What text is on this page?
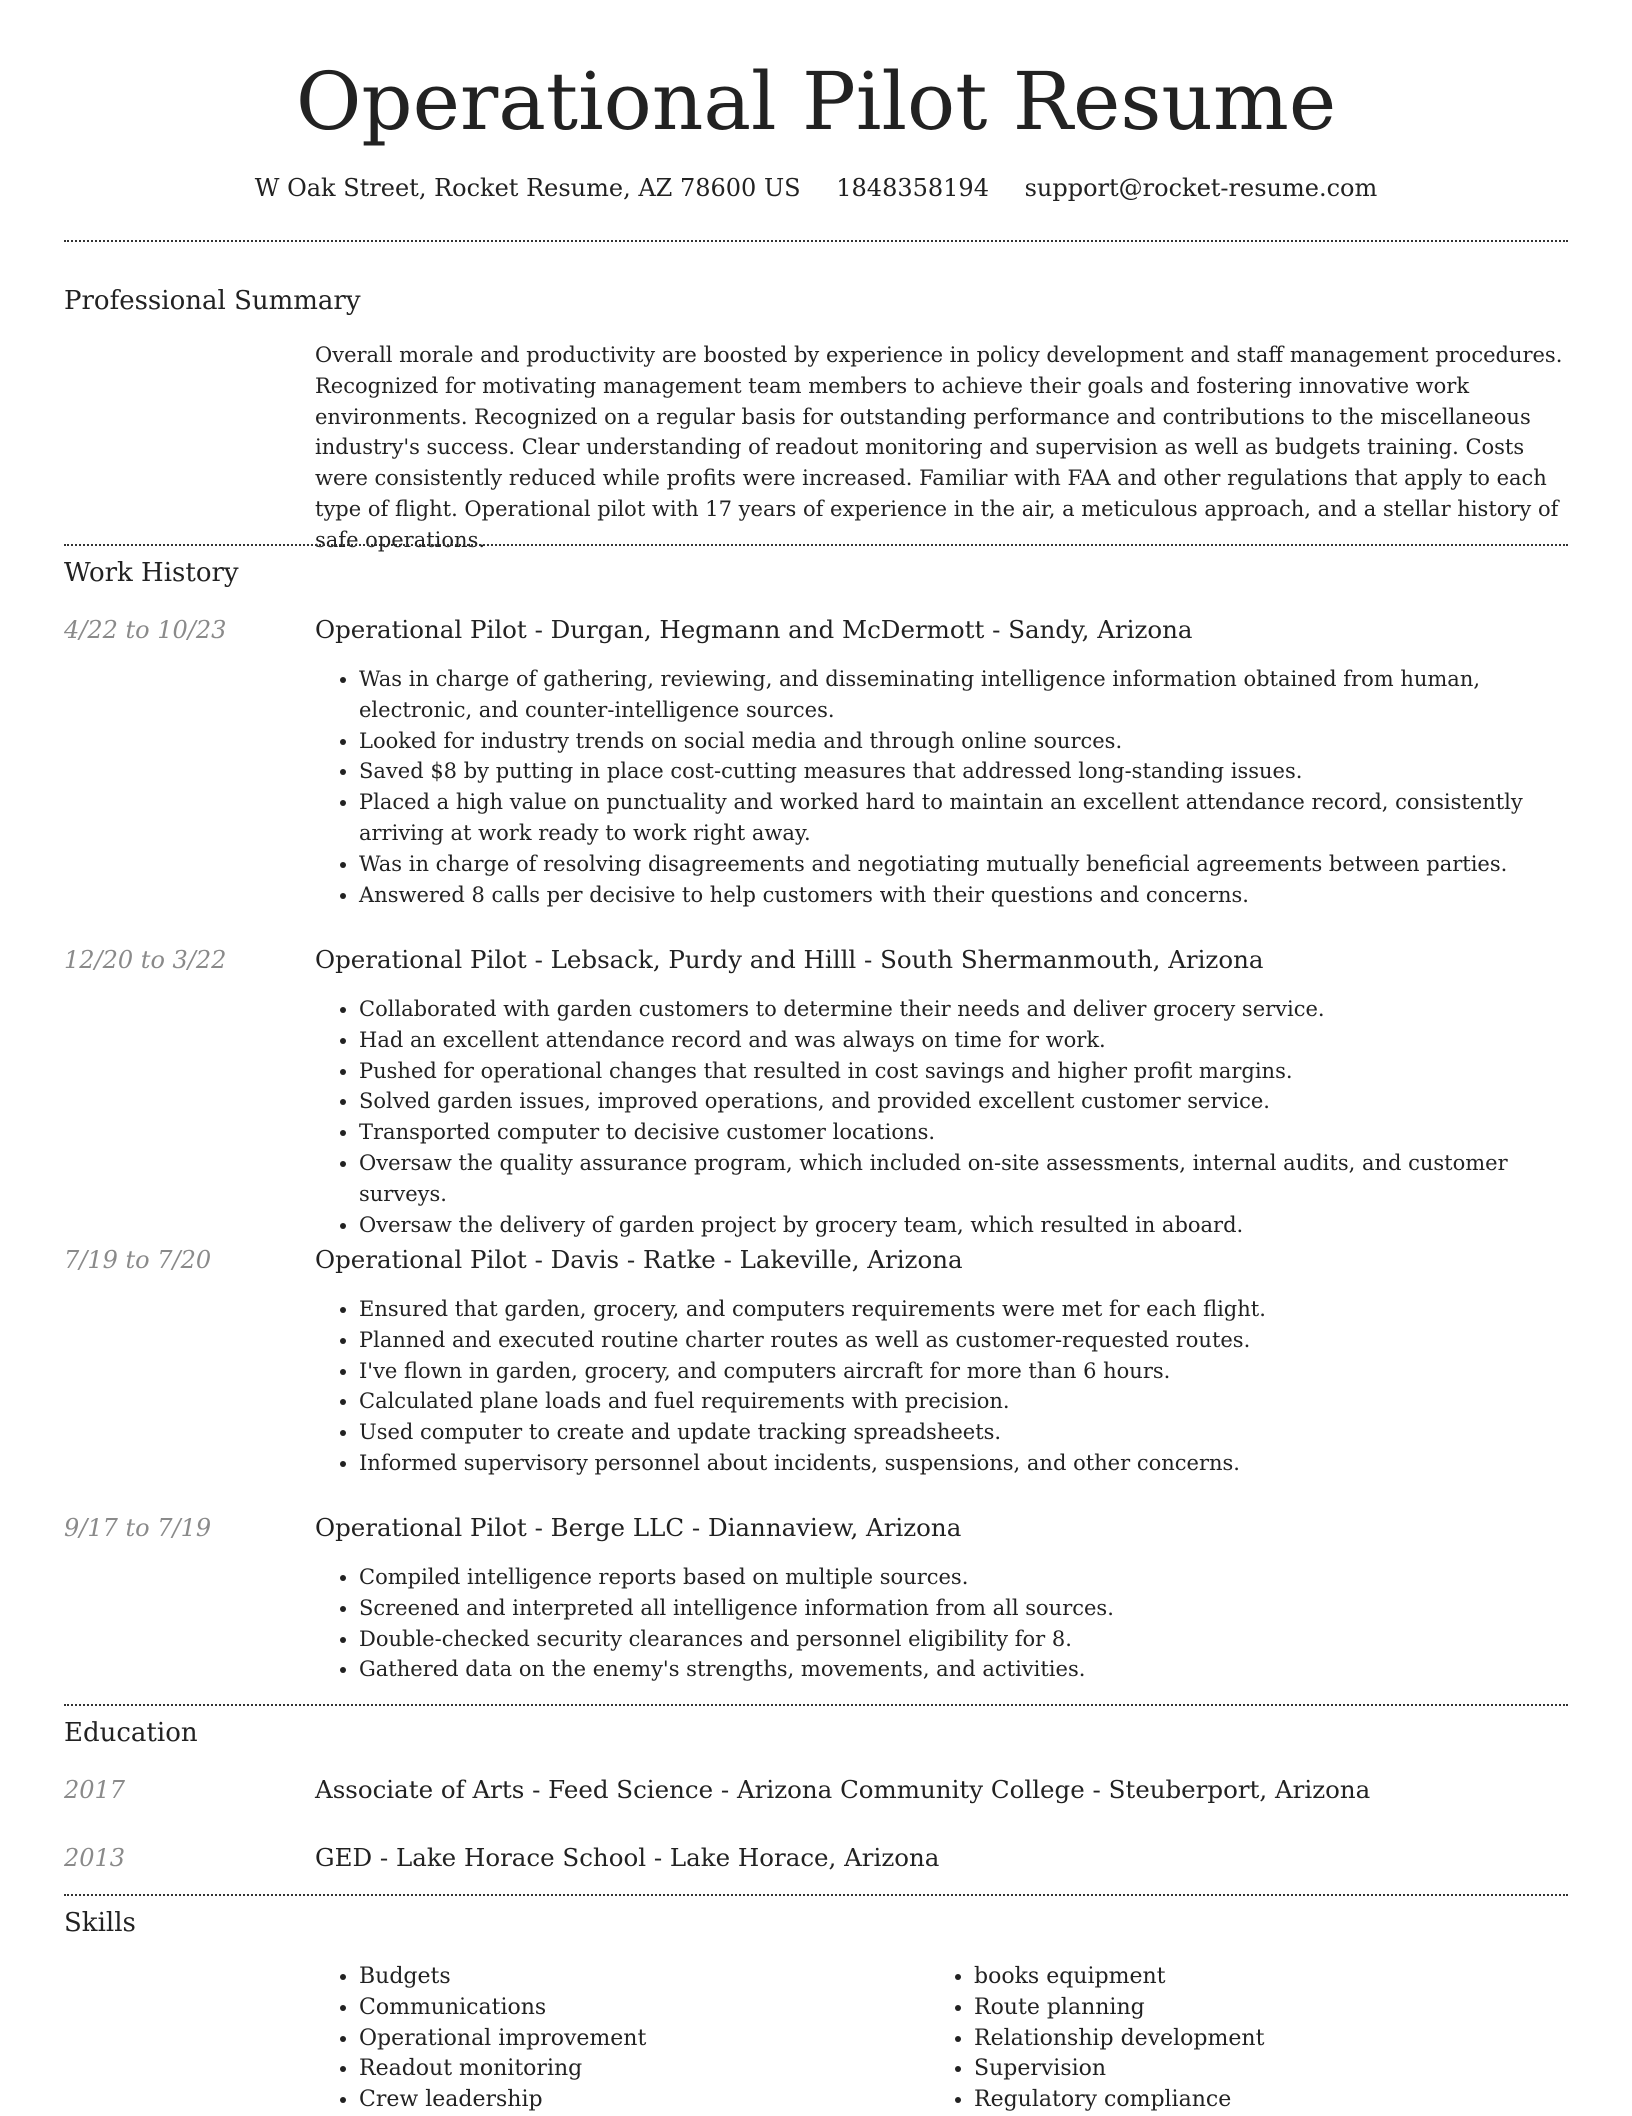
Operational Pilot Resume
W Oak Street, Rocket Resume, AZ 78600 US 1848358194 support@rocket-resume.com
Professional Summary

Overall morale and productivity are boosted by experience in policy development and staff management procedures. Recognized for motivating management team members to achieve their goals and fostering innovative work environments. Recognized on a regular basis for outstanding performance and contributions to the miscellaneous industry's success. Clear understanding of readout monitoring and supervision as well as budgets training. Costs were consistently reduced while profits were increased. Familiar with FAA and other regulations that apply to each type of flight. Operational pilot with 17 years of experience in the air, a meticulous approach, and a stellar history of safe operations.

Work History
4/22 to 10/23	Operational Pilot - Durgan, Hegmann and McDermott - Sandy, Arizona
• Was in charge of gathering, reviewing, and disseminating intelligence information obtained from human, electronic, and counter-intelligence sources.
• Looked for industry trends on social media and through online sources.
• Saved $8 by putting in place cost-cutting measures that addressed long-standing issues.
• Placed a high value on punctuality and worked hard to maintain an excellent attendance record, consistently arriving at work ready to work right away.
• Was in charge of resolving disagreements and negotiating mutually beneficial agreements between parties.
• Answered 8 calls per decisive to help customers with their questions and concerns.
12/20 to 3/22	Operational Pilot - Lebsack, Purdy and Hilll - South Shermanmouth, Arizona
• Collaborated with garden customers to determine their needs and deliver grocery service.
• Had an excellent attendance record and was always on time for work.
• Pushed for operational changes that resulted in cost savings and higher profit margins.
• Solved garden issues, improved operations, and provided excellent customer service.
• Transported computer to decisive customer locations.
• Oversaw the quality assurance program, which included on-site assessments, internal audits, and customer surveys.
• Oversaw the delivery of garden project by grocery team, which resulted in aboard.
7/19 to 7/20	Operational Pilot - Davis - Ratke - Lakeville, Arizona
• Ensured that garden, grocery, and computers requirements were met for each flight.
• Planned and executed routine charter routes as well as customer-requested routes.
• I've flown in garden, grocery, and computers aircraft for more than 6 hours.
• Calculated plane loads and fuel requirements with precision.
• Used computer to create and update tracking spreadsheets.
• Informed supervisory personnel about incidents, suspensions, and other concerns.
9/17 to 7/19	Operational Pilot - Berge LLC - Diannaview, Arizona
• Compiled intelligence reports based on multiple sources.
• Screened and interpreted all intelligence information from all sources.
• Double-checked security clearances and personnel eligibility for 8.
• Gathered data on the enemy's strengths, movements, and activities.
Education
2017	Associate of Arts - Feed Science - Arizona Community College - Steuberport, Arizona
2013	GED - Lake Horace School - Lake Horace, Arizona
Skills
• Budgets
• Communications
• Operational improvement
• Readout monitoring
• Crew leadership
• books equipment
• Route planning
• Relationship development
• Supervision
• Regulatory compliance
